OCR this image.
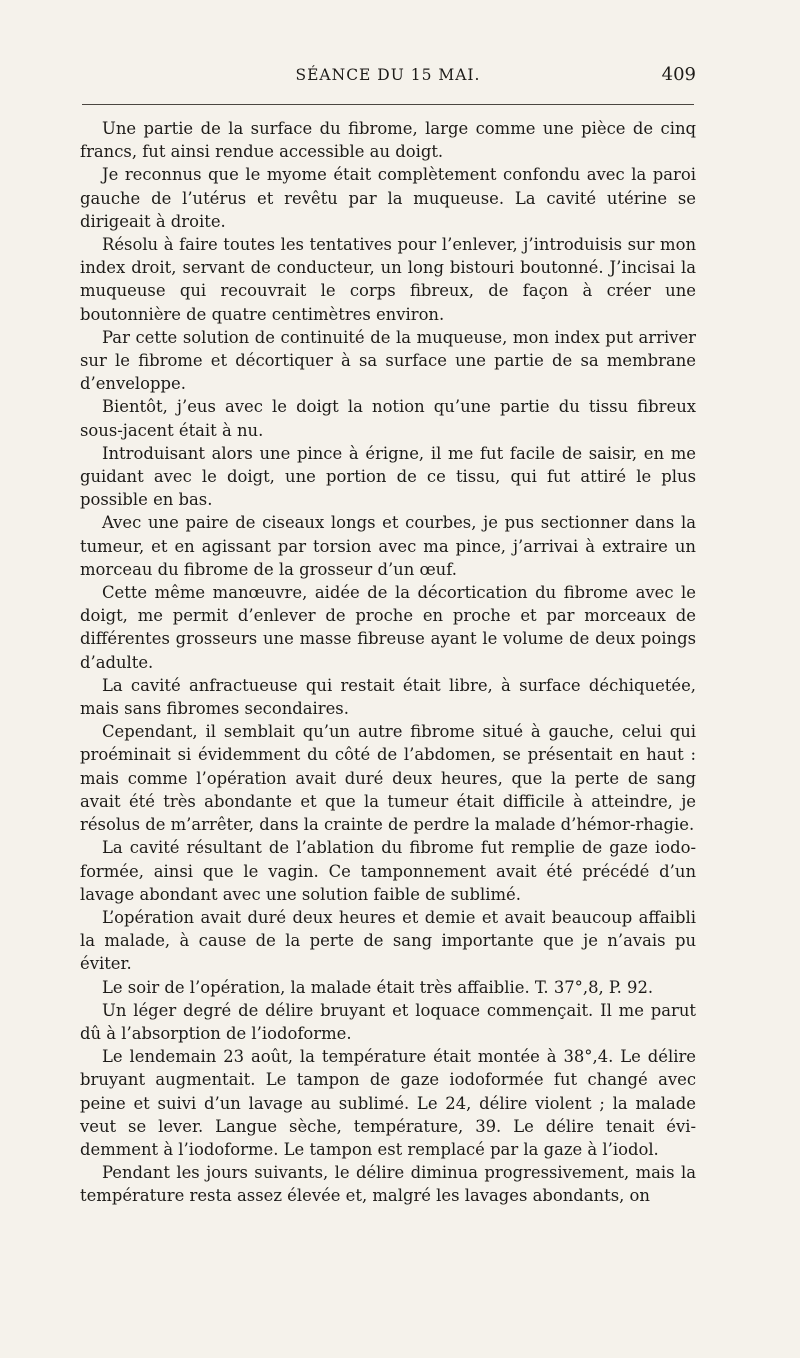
SÉANCE DU 15 MAI.	409

Une partie de la surface du fibrome, large comme une pièce de cinq francs, fut ainsi rendue accessible au doigt.

Je reconnus que le myome était complètement confondu avec la paroi gauche de l’utérus et revêtu par la muqueuse. La cavité utérine se dirigeait à droite.

Résolu à faire toutes les tentatives pour l’enlever, j’introduisis sur mon index droit, servant de conducteur, un long bistouri boutonné. J’incisai la muqueuse qui recouvrait le corps fibreux, de façon à créer une boutonnière de quatre centimètres environ.

Par cette solution de continuité de la muqueuse, mon index put arriver sur le fibrome et décortiquer à sa surface une partie de sa membrane d’enveloppe.

Bientôt, j’eus avec le doigt la notion qu’une partie du tissu fibreux sous-jacent était à nu.

Introduisant alors une pince à érigne, il me fut facile de saisir, en me guidant avec le doigt, une portion de ce tissu, qui fut attiré le plus possible en bas.

Avec une paire de ciseaux longs et courbes, je pus sectionner dans la tumeur, et en agissant par torsion avec ma pince, j’arrivai à extraire un morceau du fibrome de la grosseur d’un œuf.

Cette même manœuvre, aidée de la décortication du fibrome avec le doigt, me permit d’enlever de proche en proche et par morceaux de différentes grosseurs une masse fibreuse ayant le volume de deux poings d’adulte.

La cavité anfractueuse qui restait était libre, à surface déchiquetée, mais sans fibromes secondaires.

Cependant, il semblait qu’un autre fibrome situé à gauche, celui qui proéminait si évidemment du côté de l’abdomen, se présentait en haut : mais comme l’opération avait duré deux heures, que la perte de sang avait été très abondante et que la tumeur était difficile à atteindre, je résolus de m’arrêter, dans la crainte de perdre la malade d’hémor-rhagie.

La cavité résultant de l’ablation du fibrome fut remplie de gaze iodo-formée, ainsi que le vagin. Ce tamponnement avait été précédé d’un lavage abondant avec une solution faible de sublimé.

L’opération avait duré deux heures et demie et avait beaucoup affaibli la malade, à cause de la perte de sang importante que je n’avais pu éviter.

Le soir de l’opération, la malade était très affaiblie. T. 37°,8, P. 92.

Un léger degré de délire bruyant et loquace commençait. Il me parut dû à l’absorption de l’iodoforme.

Le lendemain 23 août, la température était montée à 38°,4. Le délire bruyant augmentait. Le tampon de gaze iodoformée fut changé avec peine et suivi d’un lavage au sublimé. Le 24, délire violent ; la malade veut se lever. Langue sèche, température, 39. Le délire tenait évi-demment à l’iodoforme. Le tampon est remplacé par la gaze à l’iodol.

Pendant les jours suivants, le délire diminua progressivement, mais la température resta assez élevée et, malgré les lavages abondants, on
